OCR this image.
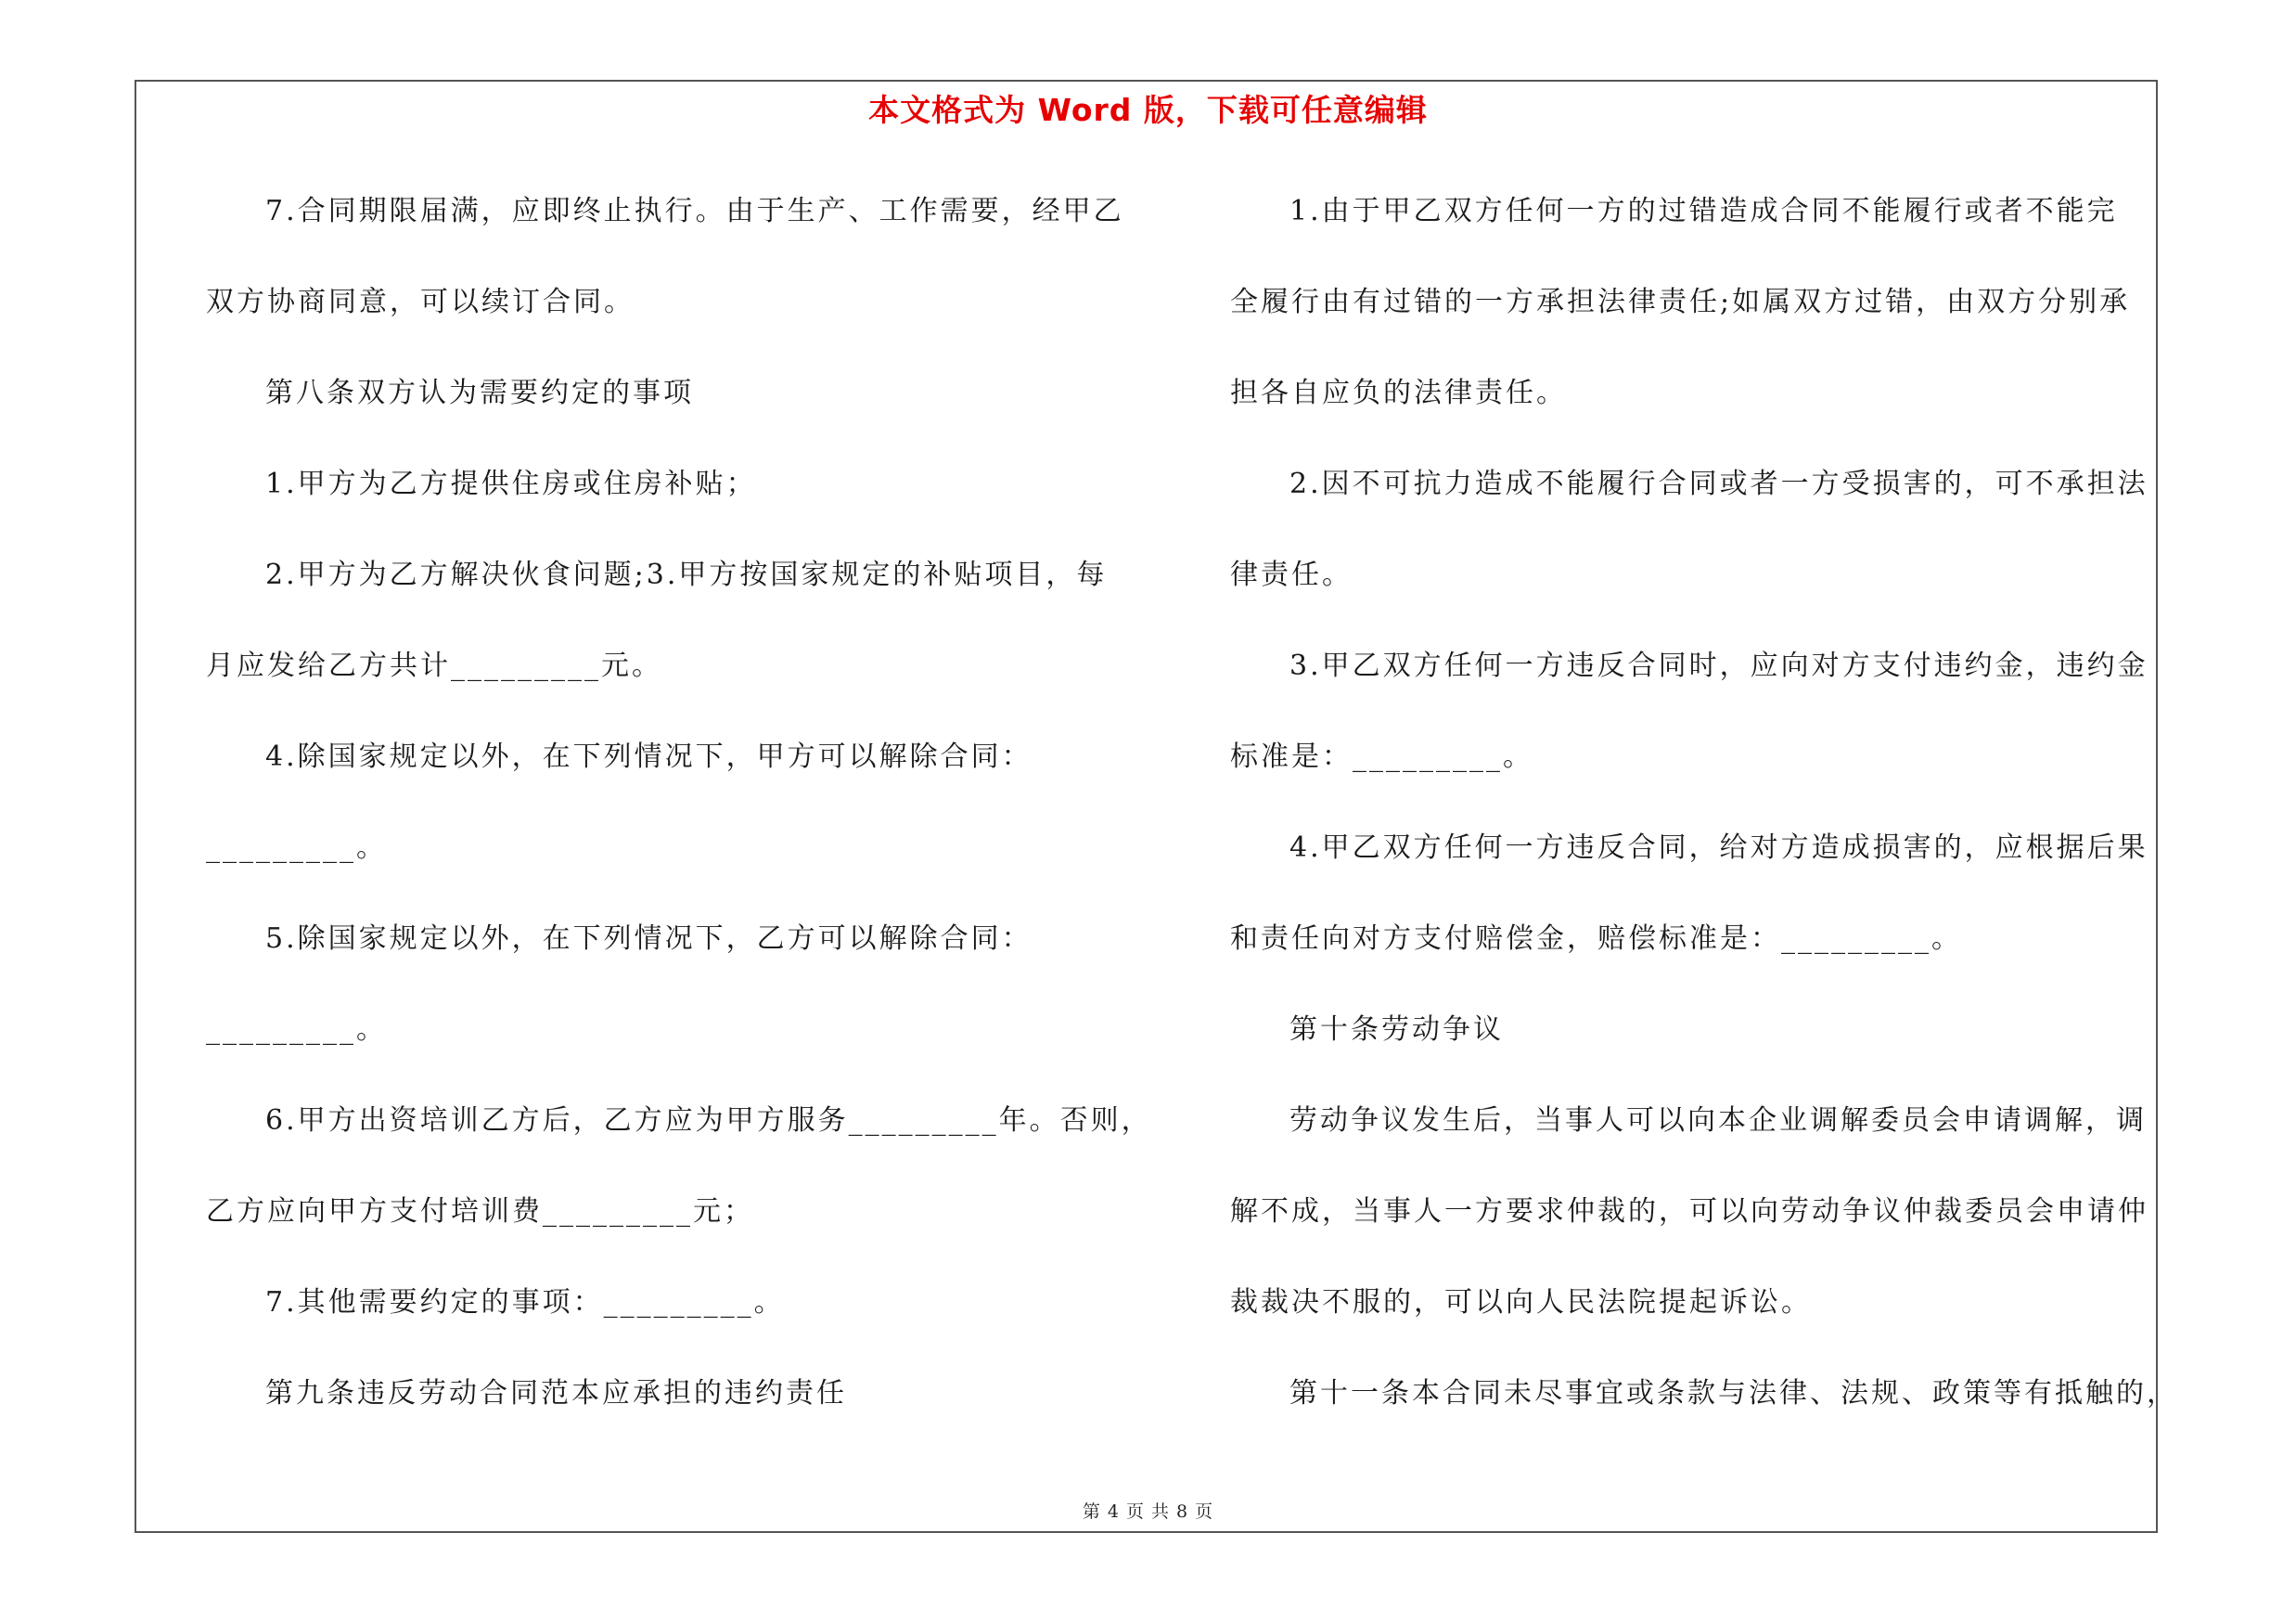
本文格式为 Word 版，下载可任意编辑
7.合同期限届满，应即终止执行。由于生产、工作需要，经甲乙
双方协商同意，可以续订合同。
第八条双方认为需要约定的事项
1.甲方为乙方提供住房或住房补贴；
2.甲方为乙方解决伙食问题;3.甲方按国家规定的补贴项目，每
月应发给乙方共计_________元。
4.除国家规定以外，在下列情况下，甲方可以解除合同：
_________。
5.除国家规定以外，在下列情况下，乙方可以解除合同：
_________。
6.甲方出资培训乙方后，乙方应为甲方服务_________年。否则，
乙方应向甲方支付培训费_________元；
7.其他需要约定的事项：_________。
第九条违反劳动合同范本应承担的违约责任
1.由于甲乙双方任何一方的过错造成合同不能履行或者不能完
全履行由有过错的一方承担法律责任;如属双方过错，由双方分别承
担各自应负的法律责任。
2.因不可抗力造成不能履行合同或者一方受损害的，可不承担法
律责任。
3.甲乙双方任何一方违反合同时，应向对方支付违约金，违约金
标准是：_________。
4.甲乙双方任何一方违反合同，给对方造成损害的，应根据后果
和责任向对方支付赔偿金，赔偿标准是：_________。
第十条劳动争议
劳动争议发生后，当事人可以向本企业调解委员会申请调解，调
解不成，当事人一方要求仲裁的，可以向劳动争议仲裁委员会申请仲
裁裁决不服的，可以向人民法院提起诉讼。
第十一条本合同未尽事宜或条款与法律、法规、政策等有抵触的，
第 4 页 共 8 页
